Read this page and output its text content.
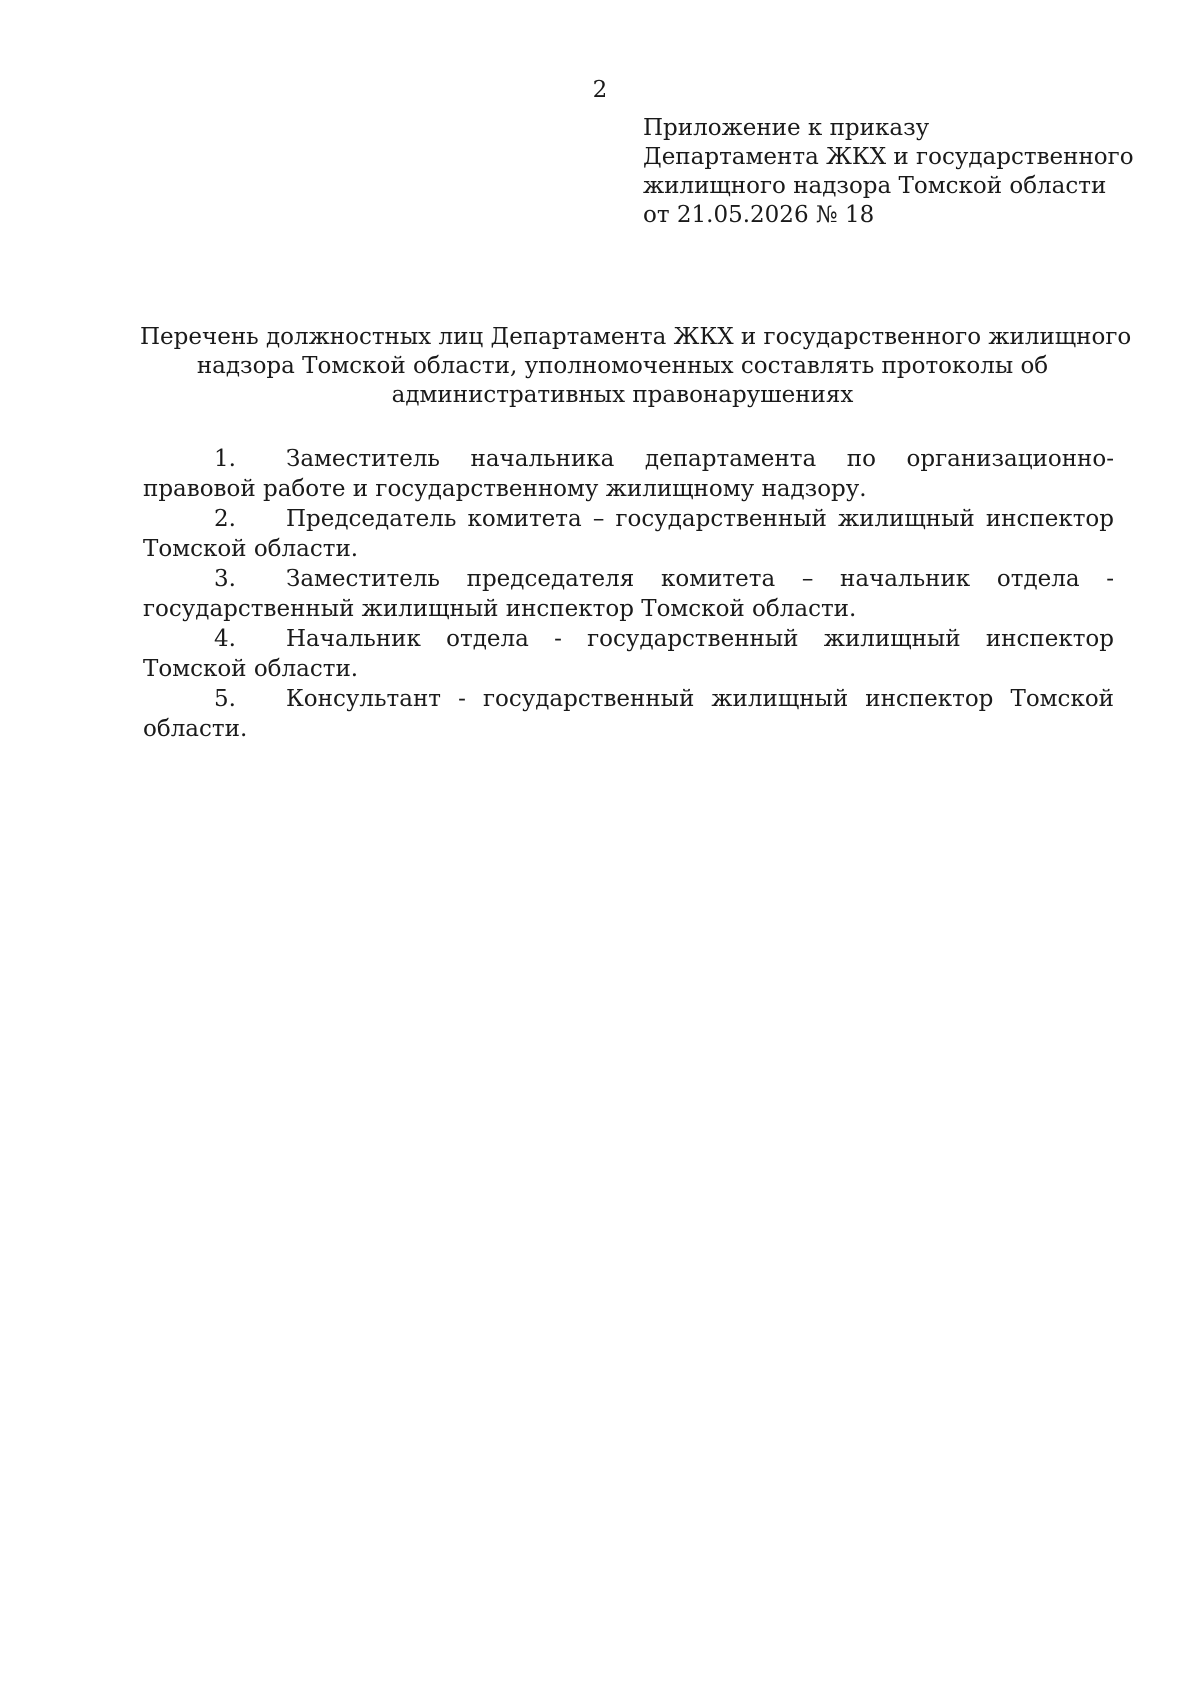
2
Приложение к приказу
Департамента ЖКХ и государственного
жилищного надзора Томской области
от 21.05.2026 № 18
Перечень должностных лиц Департамента ЖКХ и государственного жилищного
надзора Томской области, уполномоченных составлять протоколы об
административных правонарушениях

1. Заместитель начальника департамента по организационно-правовой работе и государственному жилищному надзору.

2. Председатель комитета – государственный жилищный инспектор Томской области.

3. Заместитель председателя комитета – начальник отдела - государственный жилищный инспектор Томской области.

4. Начальник отдела - государственный жилищный инспектор Томской области.

5. Консультант - государственный жилищный инспектор Томской области.
